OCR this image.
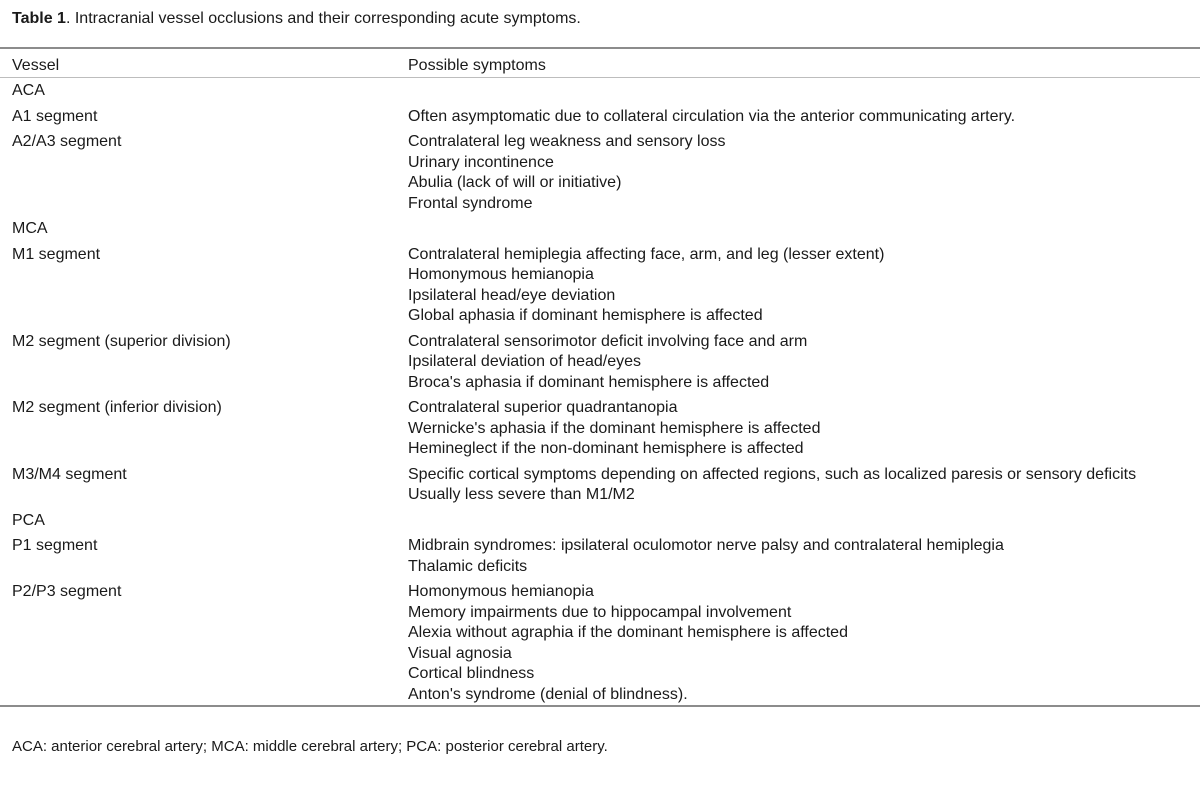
Table 1. Intracranial vessel occlusions and their corresponding acute symptoms.
Vessel	Possible symptoms
ACA
A1 segment	Often asymptomatic due to collateral circulation via the anterior communicating artery.
A2/A3 segment	Contralateral leg weakness and sensory loss
Urinary incontinence
Abulia (lack of will or initiative)
Frontal syndrome
MCA
M1 segment	Contralateral hemiplegia affecting face, arm, and leg (lesser extent)
Homonymous hemianopia
Ipsilateral head/eye deviation
Global aphasia if dominant hemisphere is affected
M2 segment (superior division)	Contralateral sensorimotor deficit involving face and arm
Ipsilateral deviation of head/eyes
Broca's aphasia if dominant hemisphere is affected
M2 segment (inferior division)	Contralateral superior quadrantanopia
Wernicke's aphasia if the dominant hemisphere is affected
Hemineglect if the non-dominant hemisphere is affected
M3/M4 segment	Specific cortical symptoms depending on affected regions, such as localized paresis or sensory deficits
Usually less severe than M1/M2
PCA
P1 segment	Midbrain syndromes: ipsilateral oculomotor nerve palsy and contralateral hemiplegia
Thalamic deficits
P2/P3 segment	Homonymous hemianopia
Memory impairments due to hippocampal involvement
Alexia without agraphia if the dominant hemisphere is affected
Visual agnosia
Cortical blindness
Anton's syndrome (denial of blindness).
ACA: anterior cerebral artery; MCA: middle cerebral artery; PCA: posterior cerebral artery.
